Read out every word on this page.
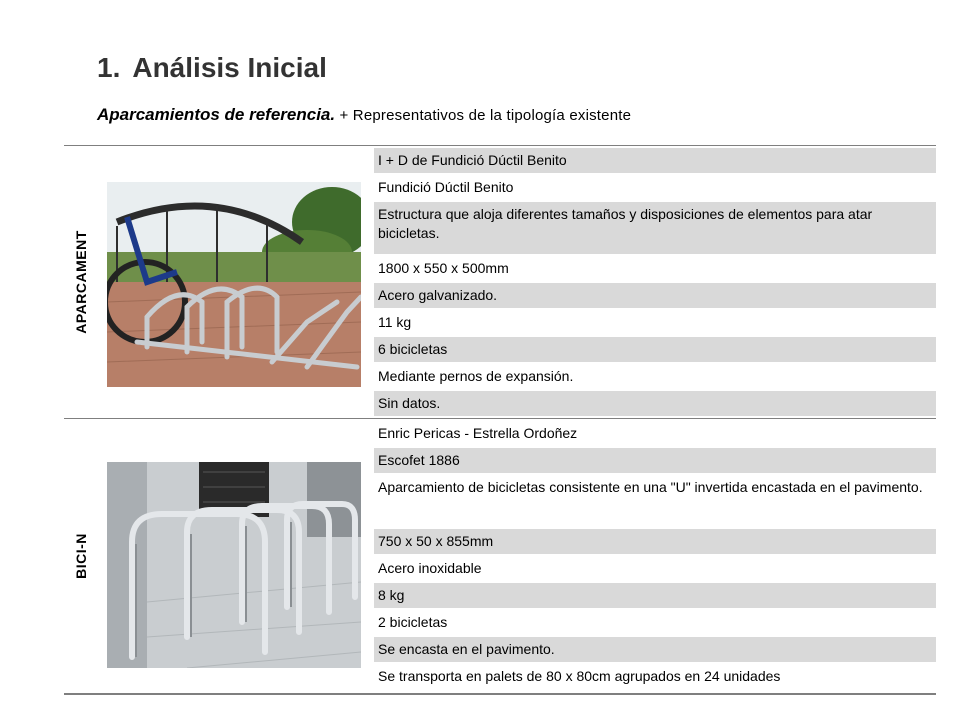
1. Análisis Inicial

Aparcamientos de referencia. + Representativos de la tipología existente

APARCAMENT
I + D de Fundició Dúctil Benito
Fundició Dúctil Benito
Estructura que aloja diferentes tamaños y disposiciones de elementos para atar bicicletas.
1800 x 550 x 500mm
Acero galvanizado.
11 kg
6 bicicletas
Mediante pernos de expansión.
Sin datos.
BICI-N
Enric Pericas - Estrella Ordoñez
Escofet 1886
Aparcamiento de bicicletas consistente en una "U" invertida encastada en el pavimento.
750 x 50 x 855mm
Acero inoxidable
8 kg
2 bicicletas
Se encasta en el pavimento.
Se transporta en palets de 80 x 80cm agrupados en 24 unidades
